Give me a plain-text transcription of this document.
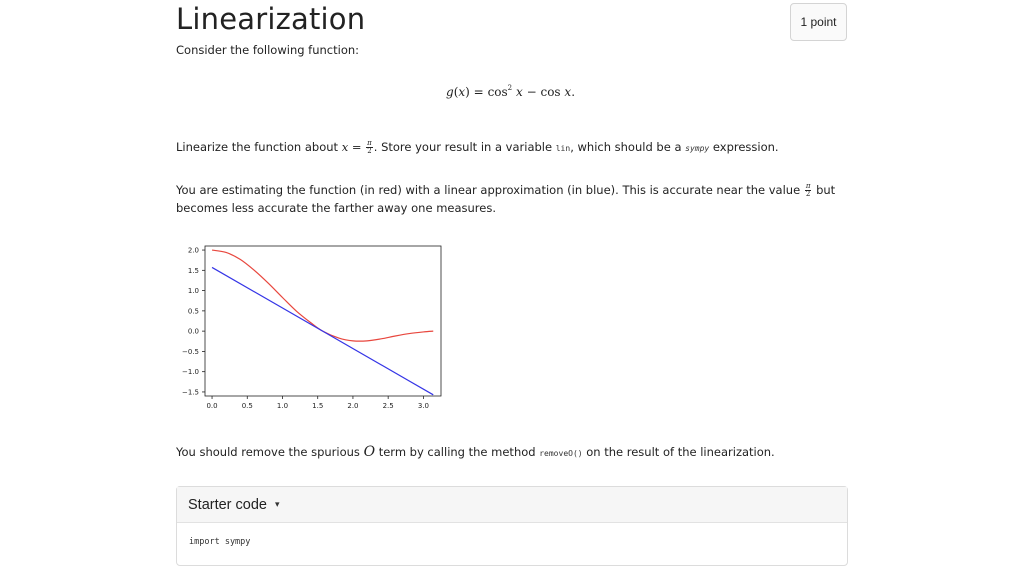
Linearization	1 point

Consider the following function:

$g(x) = \cos^2 x - \cos x$.

Linearize the function about $x = \frac{\pi}{2}$ . Store your result in a variable lin, which should be a sympy expression.

You are estimating the function (in red) with a linear approximation (in blue). This is accurate near the value $\frac{\pi}{2}$ but
becomes less accurate the farther away one measures.

2.0
1.5
1.0
0.5
0.0
−0.5
−1.0
−1.5
0.0	0.5	1.0	1.5	2.0	2.5	3.0

You should remove the spurious O term by calling the method removeO() on the result of the linearization.

Starter code ▾
import sympy
